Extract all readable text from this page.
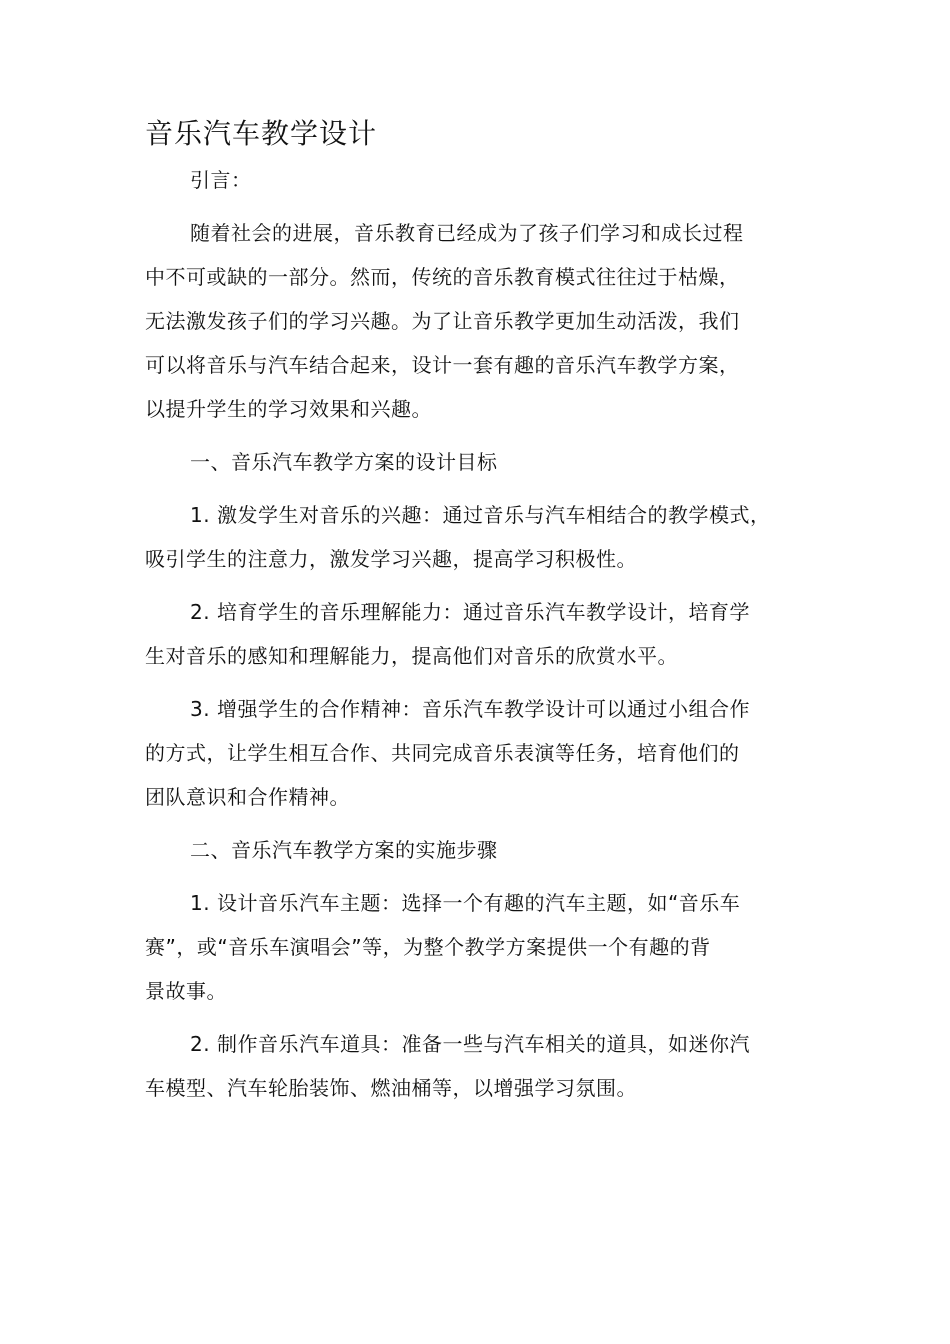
音乐汽车教学设计
引言：
随着社会的进展，音乐教育已经成为了孩子们学习和成长过程
中不可或缺的一部分。然而，传统的音乐教育模式往往过于枯燥，
无法激发孩子们的学习兴趣。为了让音乐教学更加生动活泼，我们
可以将音乐与汽车结合起来，设计一套有趣的音乐汽车教学方案，
以提升学生的学习效果和兴趣。
一、音乐汽车教学方案的设计目标
1. 激发学生对音乐的兴趣：通过音乐与汽车相结合的教学模式，
吸引学生的注意力，激发学习兴趣，提高学习积极性。
2. 培育学生的音乐理解能力：通过音乐汽车教学设计，培育学
生对音乐的感知和理解能力，提高他们对音乐的欣赏水平。
3. 增强学生的合作精神：音乐汽车教学设计可以通过小组合作
的方式，让学生相互合作、共同完成音乐表演等任务，培育他们的
团队意识和合作精神。
二、音乐汽车教学方案的实施步骤
1. 设计音乐汽车主题：选择一个有趣的汽车主题，如“音乐车
赛”，或“音乐车演唱会”等，为整个教学方案提供一个有趣的背
景故事。
2. 制作音乐汽车道具：准备一些与汽车相关的道具，如迷你汽
车模型、汽车轮胎装饰、燃油桶等，以增强学习氛围。
